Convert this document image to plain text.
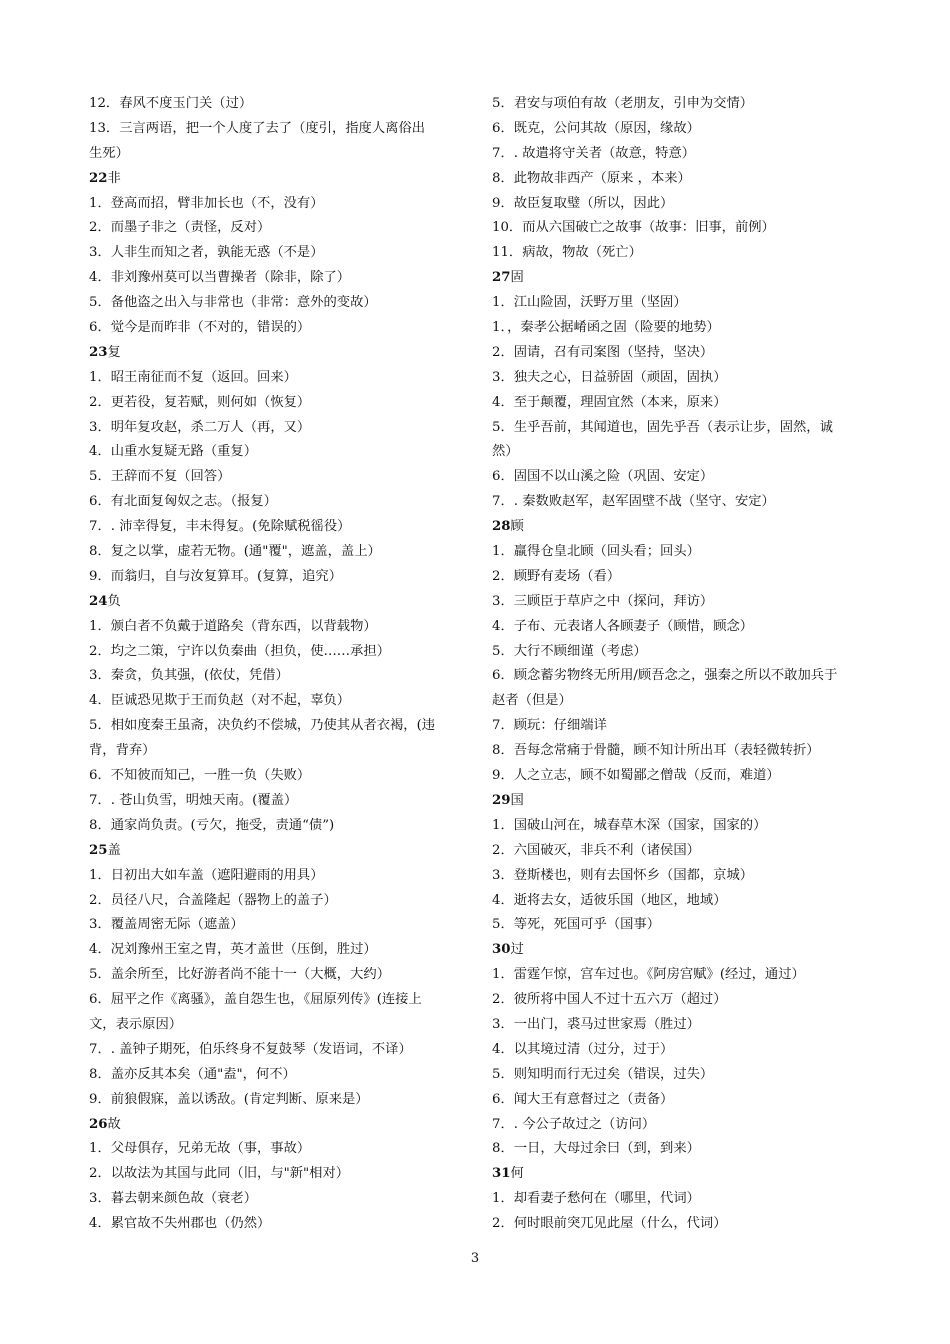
12．春风不度玉门关（过）
13．三言两语，把一个人度了去了（度引，指度人离俗出
生死）
22非
1．登高而招，臂非加长也（不，没有）
2．而墨子非之（责怪，反对）
3．人非生而知之者，孰能无惑（不是）
4．非刘豫州莫可以当曹操者（除非，除了）
5．备他盗之出入与非常也（非常：意外的变故）
6．觉今是而昨非（不对的，错误的）
23复
1．昭王南征而不复（返回。回来）
2．更若役，复若赋，则何如（恢复）
3．明年复攻赵，杀二万人（再，又）
4．山重水复疑无路（重复）
5．王辞而不复（回答）
6．有北面复匈奴之志。（报复）
7．. 沛幸得复，丰未得复。(免除赋税徭役）
8．复之以掌，虚若无物。(通"覆"，遮盖，盖上）
9．而翁归，自与汝复算耳。(复算，追究）
24负
1．颁白者不负戴于道路矣（背东西，以背载物）
2．均之二策，宁许以负秦曲（担负，使……承担）
3．秦贪，负其强，(依仗，凭借）
4．臣诚恐见欺于王而负赵（对不起，辜负）
5．相如度秦王虽斋，决负约不偿城，乃使其从者衣褐，(违
背，背弃）
6．不知彼而知己，一胜一负（失败）
7．. 苍山负雪，明烛天南。(覆盖）
8．通家尚负责。(亏欠，拖受，责通“债”)
25盖
1．日初出大如车盖（遮阳避雨的用具）
2．员径八尺，合盖隆起（器物上的盖子）
3．覆盖周密无际（遮盖）
4．况刘豫州王室之胄，英才盖世（压倒，胜过）
5．盖余所至，比好游者尚不能十一（大概，大约）
6．屈平之作《离骚》，盖自怨生也，《屈原列传》(连接上
文，表示原因）
7．. 盖钟子期死，伯乐终身不复鼓琴（发语词，不译）
8．盖亦反其本矣（通"盍"，何不）
9．前狼假寐，盖以诱敌。(肯定判断、原来是）
26故
1．父母俱存，兄弟无故（事，事故）
2．以故法为其国与此同（旧，与"新"相对）
3．暮去朝来颜色故（衰老）
4．累官故不失州郡也（仍然）
5．君安与项伯有故（老朋友，引申为交情）
6．既克，公问其故（原因，缘故）
7．. 故遣将守关者（故意，特意）
8．此物故非西产（原来 ，本来）
9．故臣复取璧（所以，因此）
10．而从六国破亡之故事（故事：旧事，前例）
11．病故，物故（死亡）
27固
1．江山险固，沃野万里（坚固）
1．，秦孝公据崤函之固（险要的地势）
2．固请，召有司案图（坚持，坚决）
3．独夫之心，日益骄固（顽固，固执）
4．至于颠覆，理固宜然（本来，原来）
5．生乎吾前，其闻道也，固先乎吾（表示让步，固然，诚
然）
6．固国不以山溪之险（巩固、安定）
7．. 秦数败赵军，赵军固壁不战（坚守、安定）
28顾
1．羸得仓皇北顾（回头看；回头）
2．顾野有麦场（看）
3．三顾臣于草庐之中（探问，拜访）
4．子布、元表诸人各顾妻子（顾惜，顾念）
5．大行不顾细谨（考虑）
6．顾念蓄劣物终无所用/顾吾念之，强秦之所以不敢加兵于
赵者（但是）
7．顾玩：仔细端详
8．吾每念常痛于骨髓，顾不知计所出耳（表轻微转折）
9．人之立志，顾不如蜀鄙之僧哉（反而，难道）
29国
1．国破山河在，城春草木深（国家，国家的）
2．六国破灭，非兵不利（诸侯国）
3．登斯楼也，则有去国怀乡（国都，京城）
4．逝将去女，适彼乐国（地区，地域）
5．等死，死国可乎（国事）
30过
1．雷霆乍惊，宫车过也。《阿房宫赋》(经过，通过）
2．彼所将中国人不过十五六万（超过）
3．一出门，裘马过世家焉（胜过）
4．以其境过清（过分，过于）
5．则知明而行无过矣（错误，过失）
6．闻大王有意督过之（责备）
7．. 今公子故过之（访问）
8．一日，大母过余曰（到，到来）
31何
1．却看妻子愁何在（哪里，代词）
2．何时眼前突兀见此屋（什么，代词）
3
